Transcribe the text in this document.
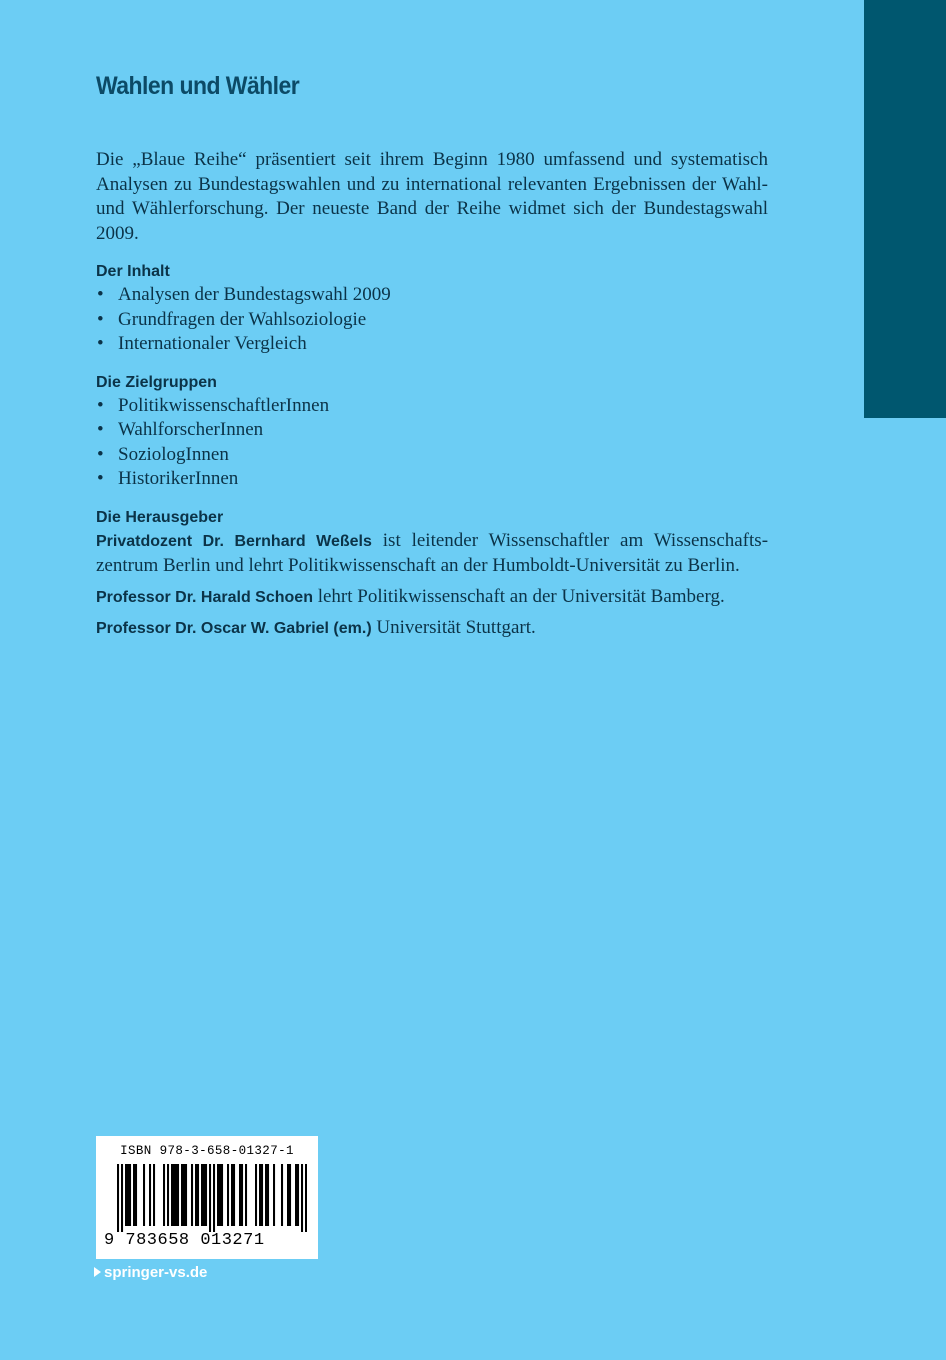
Wahlen und Wähler

Die „Blaue Reihe“ präsentiert seit ihrem Beginn 1980 umfassend und systematisch Analysen zu Bundestagswahlen und zu international relevanten Ergebnissen der Wahl- und Wählerforschung. Der neueste Band der Reihe widmet sich der Bundestagswahl 2009.

Der Inhalt
• Analysen der Bundestagswahl 2009
• Grundfragen der Wahlsoziologie
• Internationaler Vergleich
Die Zielgruppen
• PolitikwissenschaftlerInnen
• WahlforscherInnen
• SoziologInnen
• HistorikerInnen
Die Herausgeber

Privatdozent Dr. Bernhard Weßels ist leitender Wissenschaftler am Wissenschaftszentrum Berlin und lehrt Politikwissenschaft an der Humboldt-Universität zu Berlin.

Professor Dr. Harald Schoen lehrt Politikwissenschaft an der Universität Bamberg.

Professor Dr. Oscar W. Gabriel (em.) Universität Stuttgart.

ISBN 978-3-658-01327-1
9 783658 013271
springer-vs.de
